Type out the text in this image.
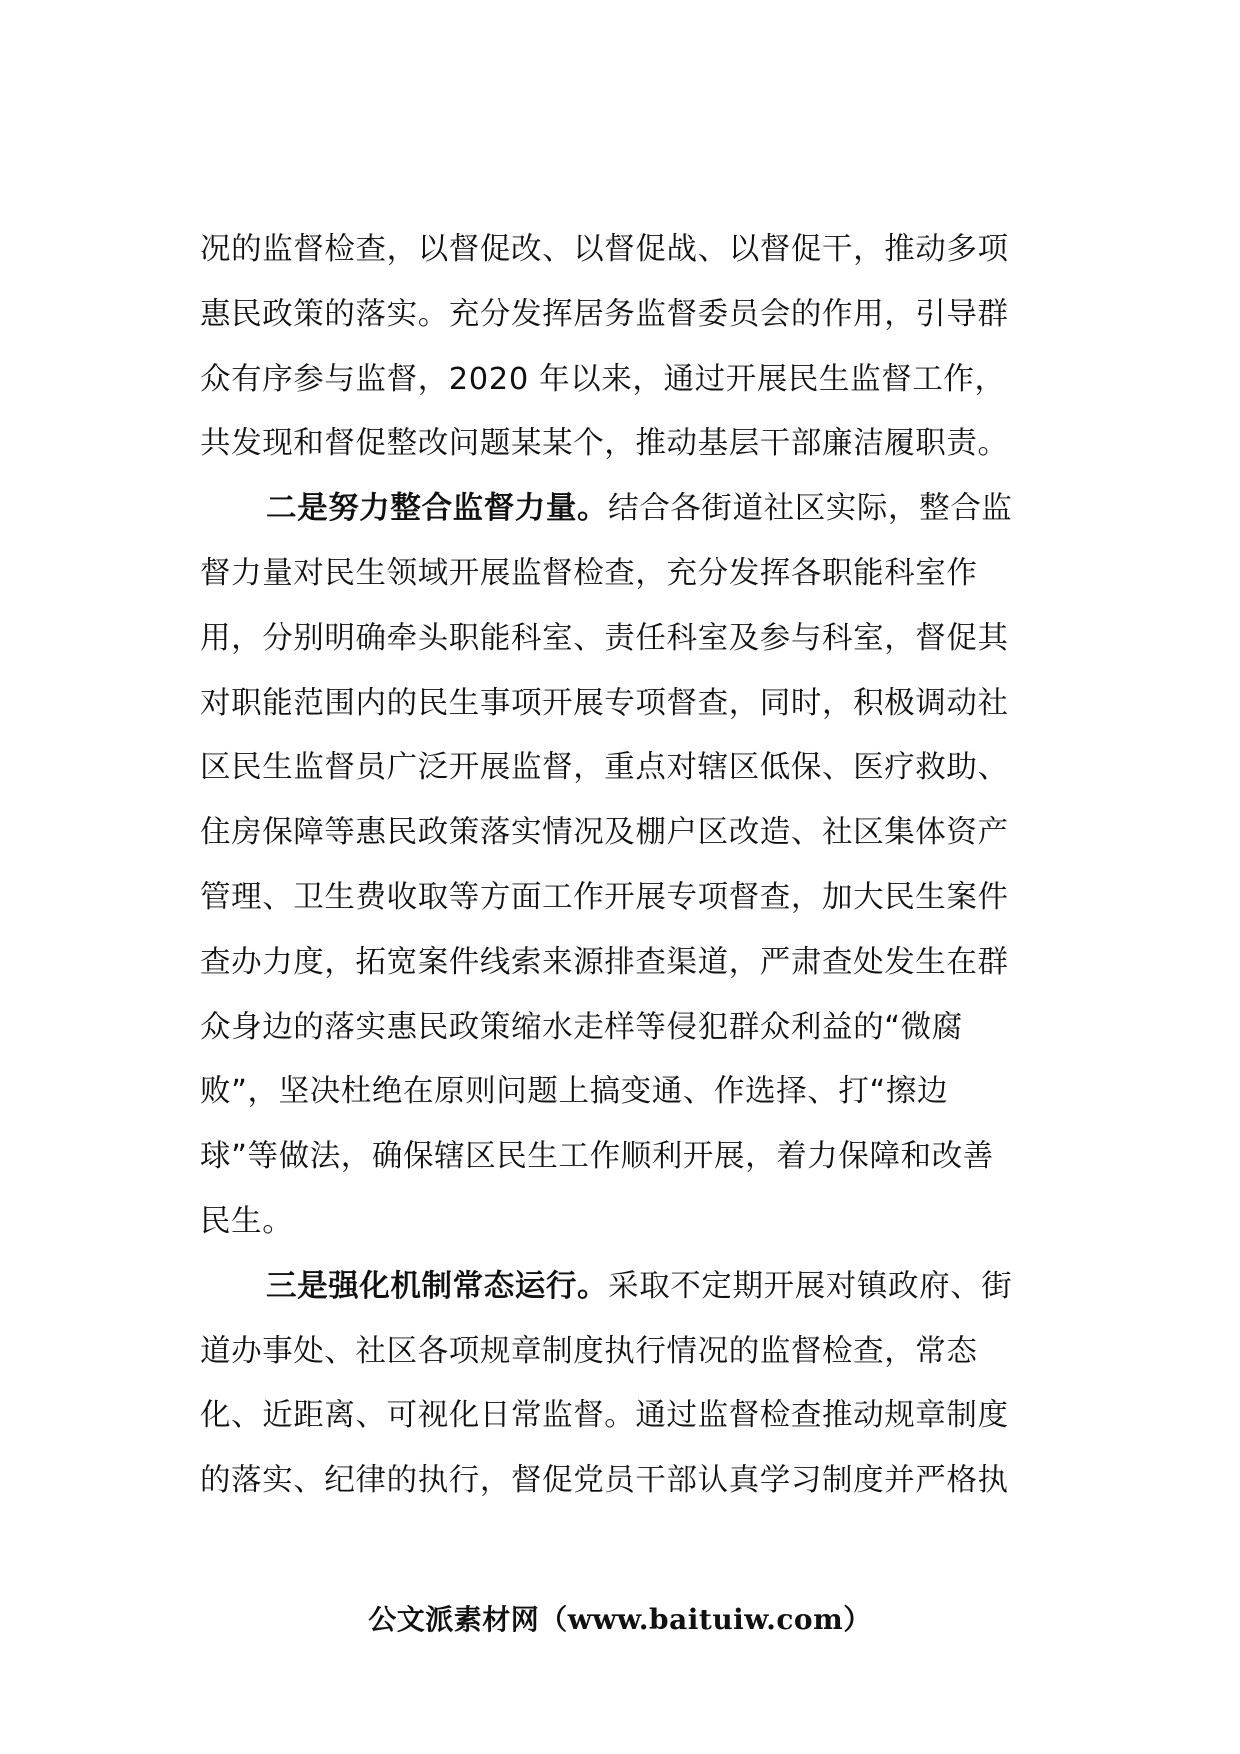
况的监督检查，以督促改、以督促战、以督促干，推动多项
惠民政策的落实。充分发挥居务监督委员会的作用，引导群
众有序参与监督，2020 年以来，通过开展民生监督工作，
共发现和督促整改问题某某个，推动基层干部廉洁履职责。
二是努力整合监督力量。结合各街道社区实际，整合监
督力量对民生领域开展监督检查，充分发挥各职能科室作
用，分别明确牵头职能科室、责任科室及参与科室，督促其
对职能范围内的民生事项开展专项督查，同时，积极调动社
区民生监督员广泛开展监督，重点对辖区低保、医疗救助、
住房保障等惠民政策落实情况及棚户区改造、社区集体资产
管理、卫生费收取等方面工作开展专项督查，加大民生案件
查办力度，拓宽案件线索来源排查渠道，严肃查处发生在群
众身边的落实惠民政策缩水走样等侵犯群众利益的“微腐
败”，坚决杜绝在原则问题上搞变通、作选择、打“擦边
球”等做法，确保辖区民生工作顺利开展，着力保障和改善
民生。
三是强化机制常态运行。采取不定期开展对镇政府、街
道办事处、社区各项规章制度执行情况的监督检查，常态
化、近距离、可视化日常监督。通过监督检查推动规章制度
的落实、纪律的执行，督促党员干部认真学习制度并严格执
公文派素材网（www.baituiw.com）
